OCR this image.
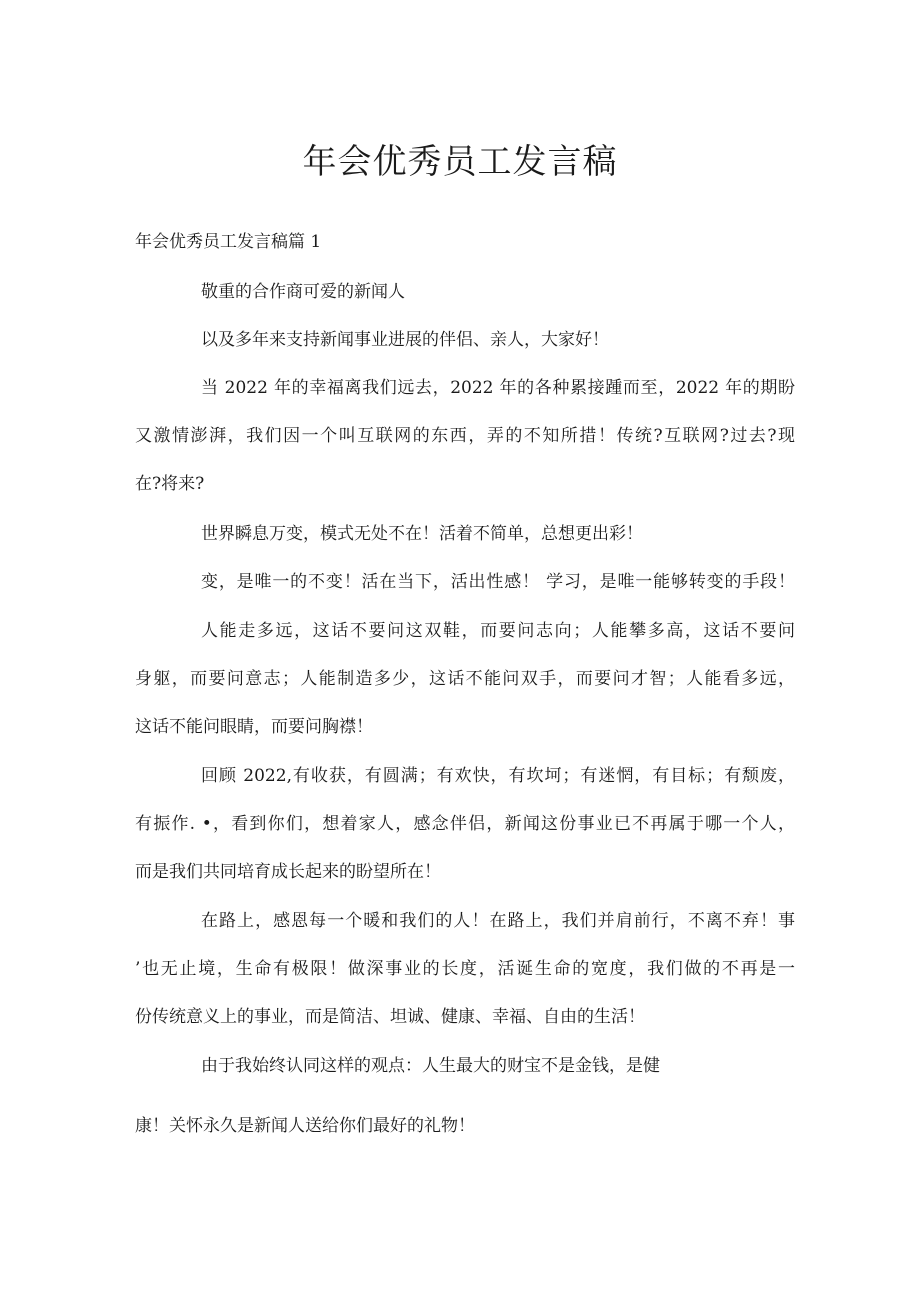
年会优秀员工发言稿

年会优秀员工发言稿篇 1

敬重的合作商可爱的新闻人

以及多年来支持新闻事业进展的伴侣、亲人，大家好！

当 2022 年的幸福离我们远去，2022 年的各种累接踵而至，2022 年的期盼

又激情澎湃，我们因一个叫互联网的东西，弄的不知所措！传统?互联网?过去?现

在?将来?

世界瞬息万变，模式无处不在！活着不简单，总想更出彩！

变，是唯一的不变！活在当下，活出性感！ 学习，是唯一能够转变的手段！

人能走多远，这话不要问这双鞋，而要问志向；人能攀多高，这话不要问

身躯，而要问意志；人能制造多少，这话不能问双手，而要问才智；人能看多远，

这话不能问眼睛，而要问胸襟！

回顾 2022,有收获，有圆满；有欢快，有坎坷；有迷惘，有目标；有颓废，

有振作. •，看到你们，想着家人，感念伴侣，新闻这份事业已不再属于哪一个人，

而是我们共同培育成长起来的盼望所在！

在路上，感恩每一个暖和我们的人！在路上，我们并肩前行，不离不弃！事

’也无止境，生命有极限！做深事业的长度，活诞生命的宽度，我们做的不再是一

份传统意义上的事业，而是简洁、坦诚、健康、幸福、自由的生活！

由于我始终认同这样的观点：人生最大的财宝不是金钱，是健

康！关怀永久是新闻人送给你们最好的礼物！
